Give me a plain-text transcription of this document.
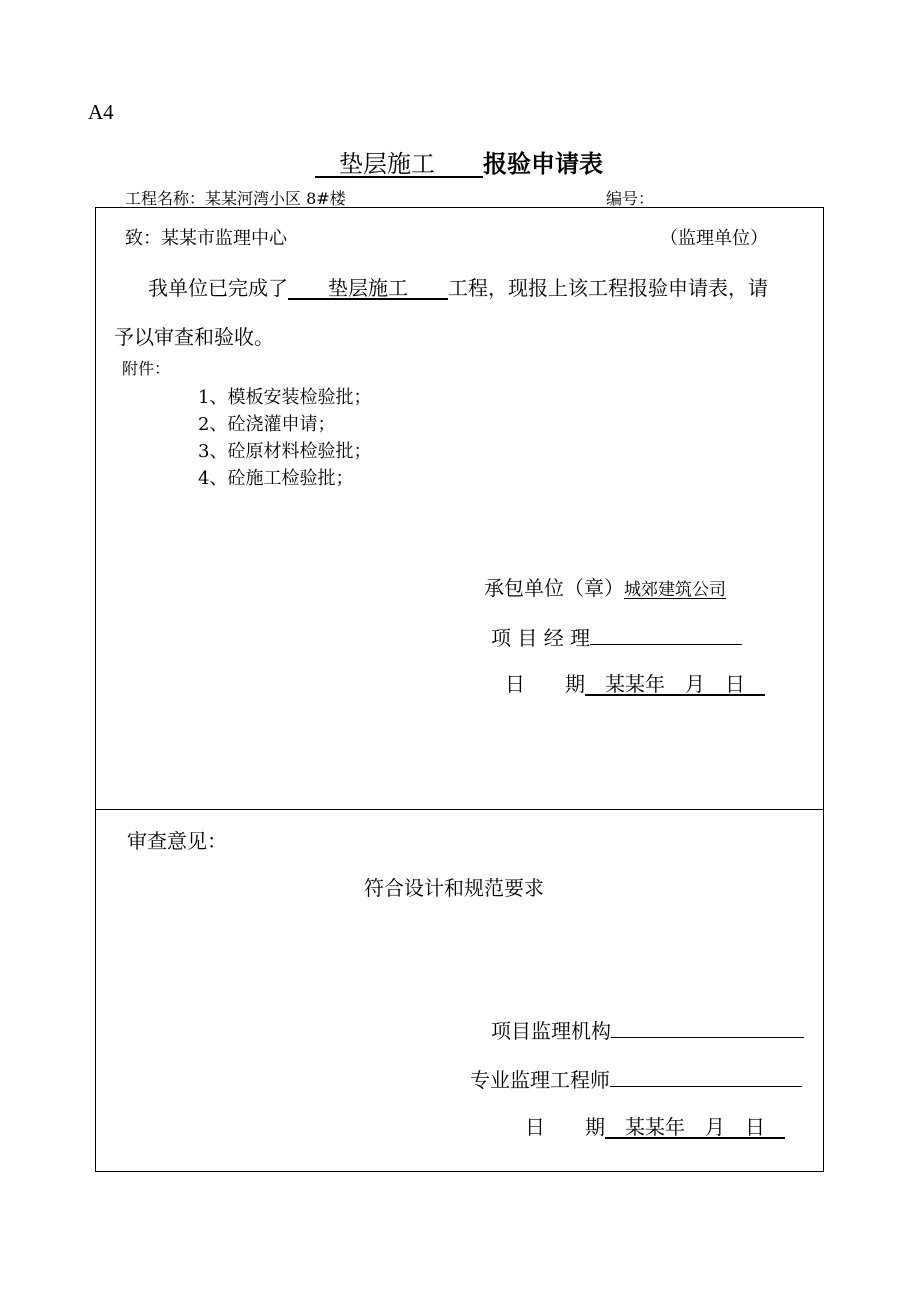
A4
　垫层施工　　 报验申请表
工程名称：某某河湾小区 8#楼	编号：
致：某某市监理中心	（监理单位）
我单位已完成了　　 垫层施工　　 工程，现报上该工程报验申请表，请
予以审查和验收。
附件：
1、模板安装检验批；
2、砼浇灌申请；
3、砼原材料检验批；
4、砼施工检验批；
承包单位（章）城郊建筑公司
项 目 经 理
日　　期　 某某年　月　日　
审查意见：
符合设计和规范要求
项目监理机构
专业监理工程师
日　　期　 某某年　月　日　
